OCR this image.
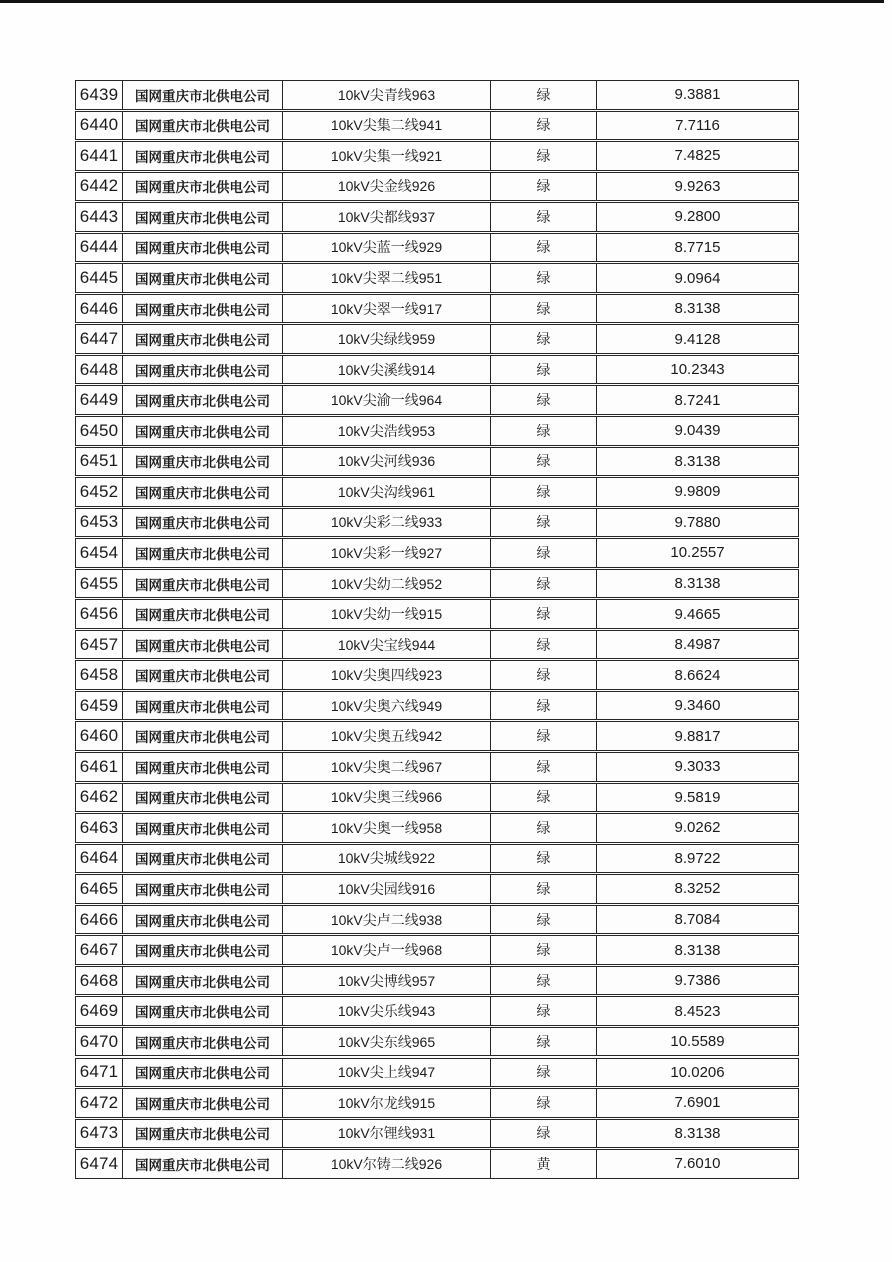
6439	国网重庆市北供电公司	10kV尖青线963	绿	9.3881
6440	国网重庆市北供电公司	10kV尖集二线941	绿	7.7116
6441	国网重庆市北供电公司	10kV尖集一线921	绿	7.4825
6442	国网重庆市北供电公司	10kV尖金线926	绿	9.9263
6443	国网重庆市北供电公司	10kV尖都线937	绿	9.2800
6444	国网重庆市北供电公司	10kV尖蓝一线929	绿	8.7715
6445	国网重庆市北供电公司	10kV尖翠二线951	绿	9.0964
6446	国网重庆市北供电公司	10kV尖翠一线917	绿	8.3138
6447	国网重庆市北供电公司	10kV尖绿线959	绿	9.4128
6448	国网重庆市北供电公司	10kV尖溪线914	绿	10.2343
6449	国网重庆市北供电公司	10kV尖渝一线964	绿	8.7241
6450	国网重庆市北供电公司	10kV尖浩线953	绿	9.0439
6451	国网重庆市北供电公司	10kV尖河线936	绿	8.3138
6452	国网重庆市北供电公司	10kV尖沟线961	绿	9.9809
6453	国网重庆市北供电公司	10kV尖彩二线933	绿	9.7880
6454	国网重庆市北供电公司	10kV尖彩一线927	绿	10.2557
6455	国网重庆市北供电公司	10kV尖幼二线952	绿	8.3138
6456	国网重庆市北供电公司	10kV尖幼一线915	绿	9.4665
6457	国网重庆市北供电公司	10kV尖宝线944	绿	8.4987
6458	国网重庆市北供电公司	10kV尖奥四线923	绿	8.6624
6459	国网重庆市北供电公司	10kV尖奥六线949	绿	9.3460
6460	国网重庆市北供电公司	10kV尖奥五线942	绿	9.8817
6461	国网重庆市北供电公司	10kV尖奥二线967	绿	9.3033
6462	国网重庆市北供电公司	10kV尖奥三线966	绿	9.5819
6463	国网重庆市北供电公司	10kV尖奥一线958	绿	9.0262
6464	国网重庆市北供电公司	10kV尖城线922	绿	8.9722
6465	国网重庆市北供电公司	10kV尖园线916	绿	8.3252
6466	国网重庆市北供电公司	10kV尖卢二线938	绿	8.7084
6467	国网重庆市北供电公司	10kV尖卢一线968	绿	8.3138
6468	国网重庆市北供电公司	10kV尖博线957	绿	9.7386
6469	国网重庆市北供电公司	10kV尖乐线943	绿	8.4523
6470	国网重庆市北供电公司	10kV尖东线965	绿	10.5589
6471	国网重庆市北供电公司	10kV尖上线947	绿	10.0206
6472	国网重庆市北供电公司	10kV尔龙线915	绿	7.6901
6473	国网重庆市北供电公司	10kV尔锂线931	绿	8.3138
6474	国网重庆市北供电公司	10kV尔铸二线926	黄	7.6010
